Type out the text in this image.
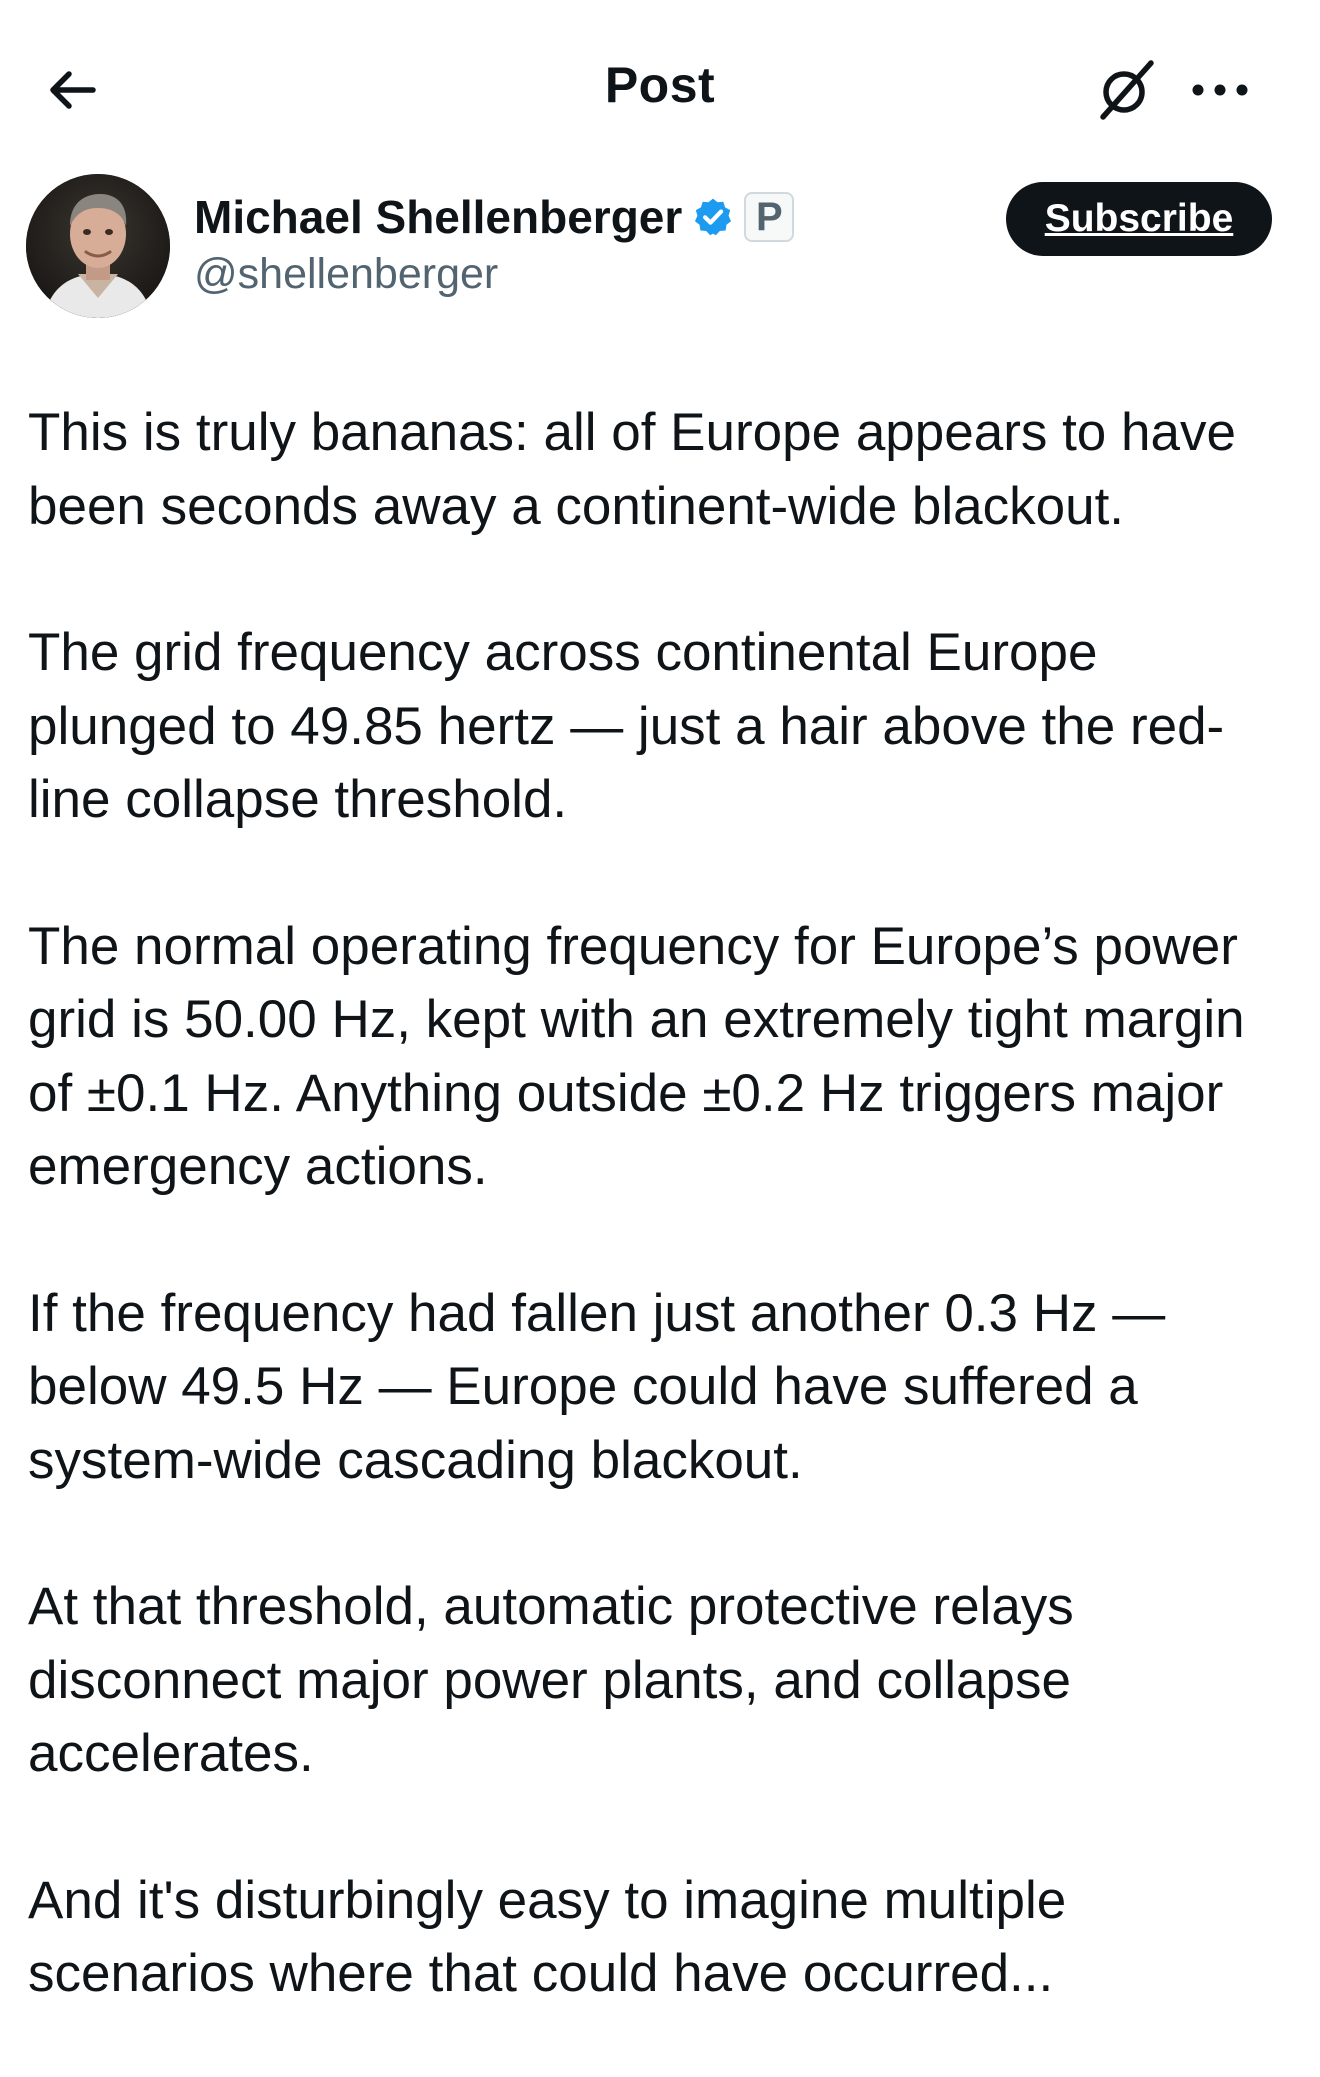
Post
Michael Shellenberger P
@shellenberger
Subscribe

This is truly bananas: all of Europe appears to have been seconds away a continent-wide blackout.

The grid frequency across continental Europe plunged to 49.85 hertz — just a hair above the red-line collapse threshold.

The normal operating frequency for Europe’s power grid is 50.00 Hz, kept with an extremely tight margin of ±0.1 Hz. Anything outside ±0.2 Hz triggers major emergency actions.

If the frequency had fallen just another 0.3 Hz — below 49.5 Hz — Europe could have suffered a system-wide cascading blackout.

At that threshold, automatic protective relays disconnect major power plants, and collapse accelerates.

And it's disturbingly easy to imagine multiple scenarios where that could have occurred...
